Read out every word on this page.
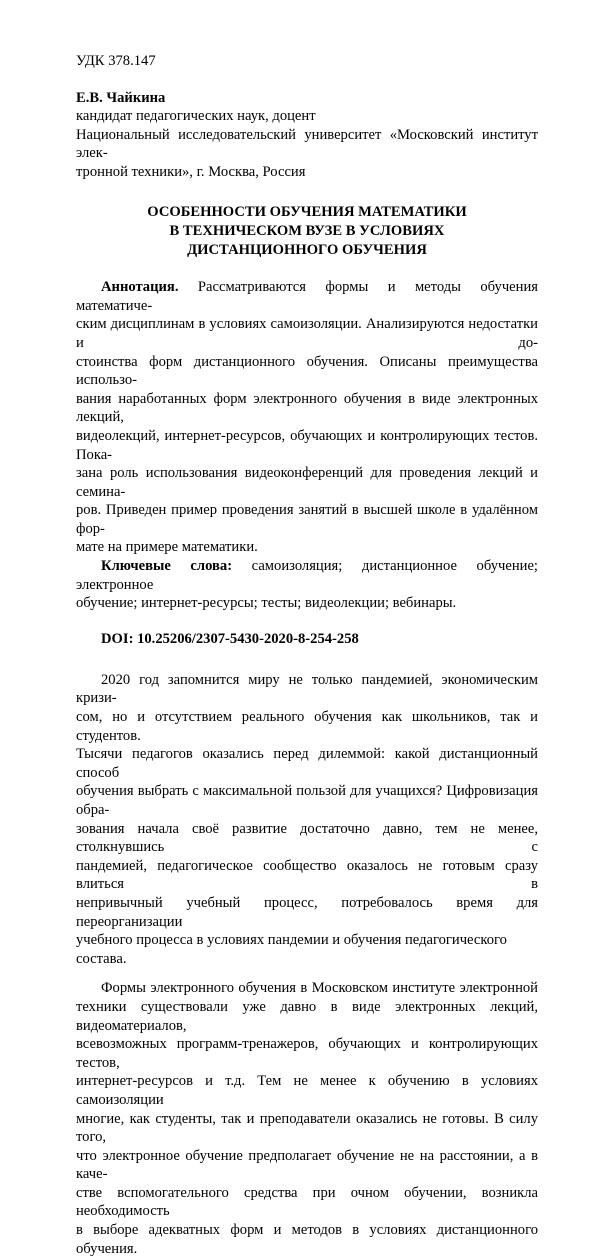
УДК 378.147
Е.В. Чайкина
кандидат педагогических наук, доцент
Национальный исследовательский университет «Московский институт элек-
тронной техники», г. Москва, Россия
ОСОБЕННОСТИ ОБУЧЕНИЯ МАТЕМАТИКИ
В ТЕХНИЧЕСКОМ ВУЗЕ В УСЛОВИЯХ
ДИСТАНЦИОННОГО ОБУЧЕНИЯ
Аннотация. Рассматриваются формы и методы обучения математиче-
ским дисциплинам в условиях самоизоляции. Анализируются недостатки и до-
стоинства форм дистанционного обучения. Описаны преимущества использо-
вания наработанных форм электронного обучения в виде электронных лекций,
видеолекций, интернет-ресурсов, обучающих и контролирующих тестов. Пока-
зана роль использования видеоконференций для проведения лекций и семина-
ров. Приведен пример проведения занятий в высшей школе в удалённом фор-
мате на примере математики.
Ключевые слова: самоизоляция; дистанционное обучение; электронное
обучение; интернет-ресурсы; тесты; видеолекции; вебинары.
DOI: 10.25206/2307-5430-2020-8-254-258
2020 год запомнится миру не только пандемией, экономическим кризи-
сом, но и отсутствием реального обучения как школьников, так и студентов.
Тысячи педагогов оказались перед дилеммой: какой дистанционный способ
обучения выбрать с максимальной пользой для учащихся? Цифровизация обра-
зования начала своё развитие достаточно давно, тем не менее, столкнувшись с
пандемией, педагогическое сообщество оказалось не готовым сразу влиться в
непривычный учебный процесс, потребовалось время для переорганизации
учебного процесса в условиях пандемии и обучения педагогического состава.
Формы электронного обучения в Московском институте электронной
техники существовали уже давно в виде электронных лекций, видеоматериалов,
всевозможных программ-тренажеров, обучающих и контролирующих тестов,
интернет-ресурсов и т.д. Тем не менее к обучению в условиях самоизоляции
многие, как студенты, так и преподаватели оказались не готовы. В силу того,
что электронное обучение предполагает обучение не на расстоянии, а в каче-
стве вспомогательного средства при очном обучении, возникла необходимость
в выборе адекватных форм и методов в условиях дистанционного обучения.
